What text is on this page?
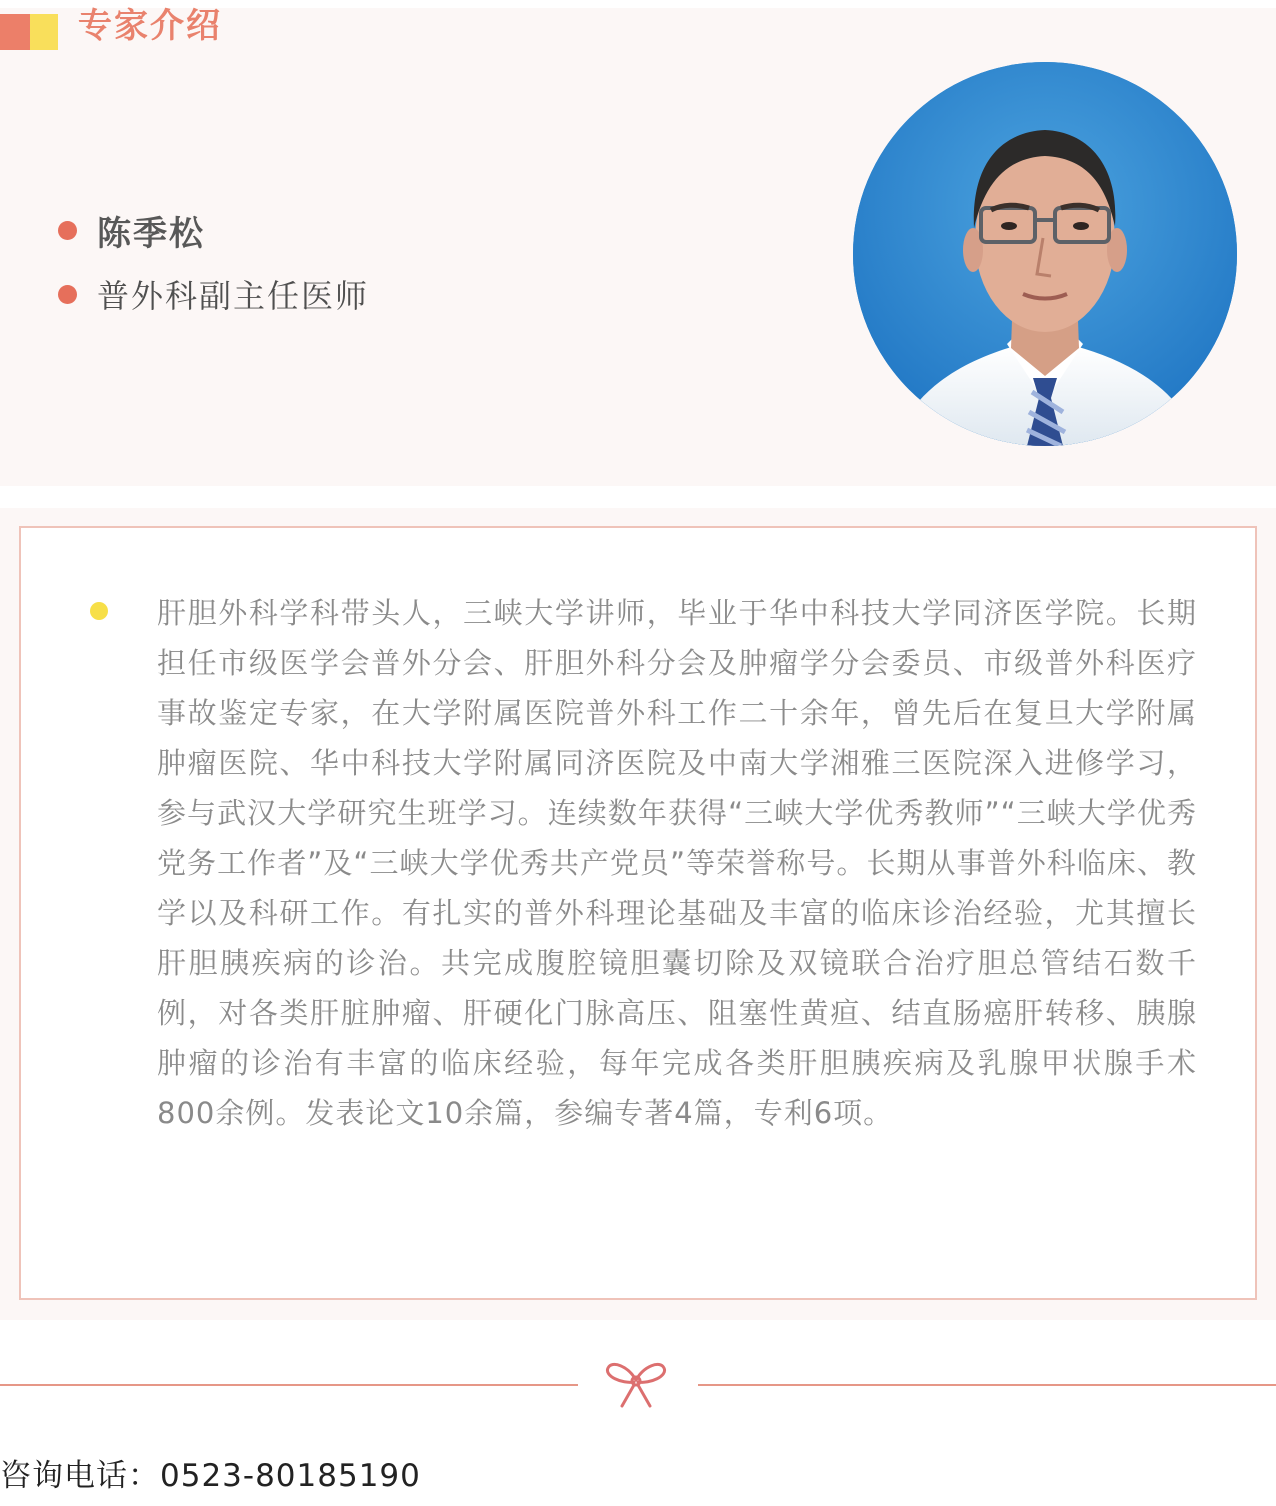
专家介绍
陈季松
普外科副主任医师

肝胆外科学科带头人，三峡大学讲师，毕业于华中科技大学同济医学院。长期担任市级医学会普外分会、肝胆外科分会及肿瘤学分会委员、市级普外科医疗事故鉴定专家，在大学附属医院普外科工作二十余年，曾先后在复旦大学附属肿瘤医院、华中科技大学附属同济医院及中南大学湘雅三医院深入进修学习，参与武汉大学研究生班学习。连续数年获得“三峡大学优秀教师”“三峡大学优秀党务工作者”及“三峡大学优秀共产党员”等荣誉称号。长期从事普外科临床、教学以及科研工作。有扎实的普外科理论基础及丰富的临床诊治经验，尤其擅长肝胆胰疾病的诊治。共完成腹腔镜胆囊切除及双镜联合治疗胆总管结石数千例，对各类肝脏肿瘤、肝硬化门脉高压、阻塞性黄疸、结直肠癌肝转移、胰腺肿瘤的诊治有丰富的临床经验，每年完成各类肝胆胰疾病及乳腺甲状腺手术800余例。发表论文10余篇，参编专著4篇，专利6项。

咨询电话：0523-80185190
